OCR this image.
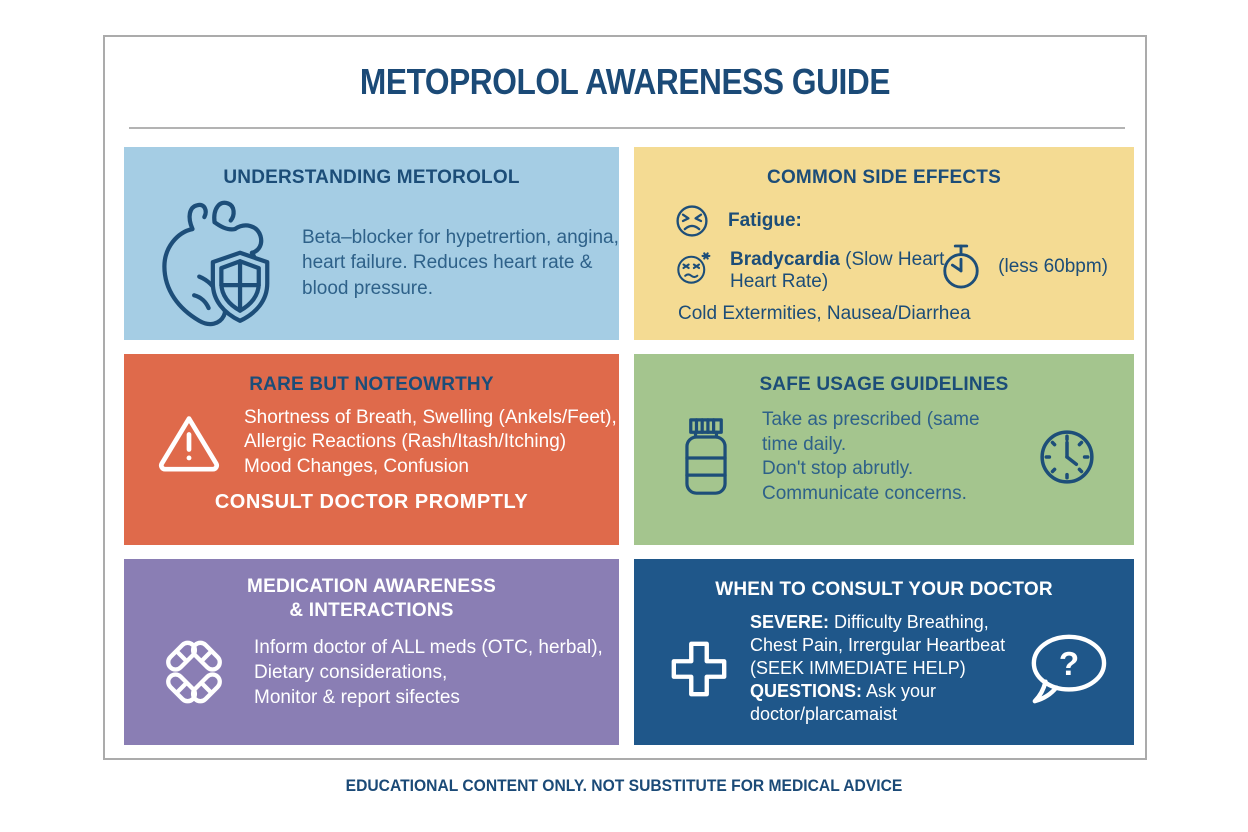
METOPROLOL AWARENESS GUIDE
UNDERSTANDING METOROLOL

Beta–blocker for hypetrertion, angina, heart failure. Reduces heart rate & blood pressure.

COMMON SIDE EFFECTS
Fatigue:
Bradycardia (Slow Heart
Heart Rate)
(less 60bpm)
Cold Extermities, Nausea/Diarrhea
RARE BUT NOTEOWRTHY
Shortness of Breath, Swelling (Ankels/Feet),
Allergic Reactions (Rash/Itash/Itching)
Mood Changes, Confusion
CONSULT DOCTOR PROMPTLY
SAFE USAGE GUIDELINES
Take as prescribed (same time daily.
Don't stop abrutly.
Communicate concerns.
MEDICATION AWARENESS
& INTERACTIONS
Inform doctor of ALL meds (OTC, herbal),
Dietary considerations,
Monitor & report sifectes
WHEN TO CONSULT YOUR DOCTOR
SEVERE: Difficulty Breathing,
Chest Pain, Irrergular Heartbeat
(SEEK IMMEDIATE HELP)
QUESTIONS: Ask your doctor/plarcamaist
?
EDUCATIONAL CONTENT ONLY. NOT SUBSTITUTE FOR MEDICAL ADVICE
